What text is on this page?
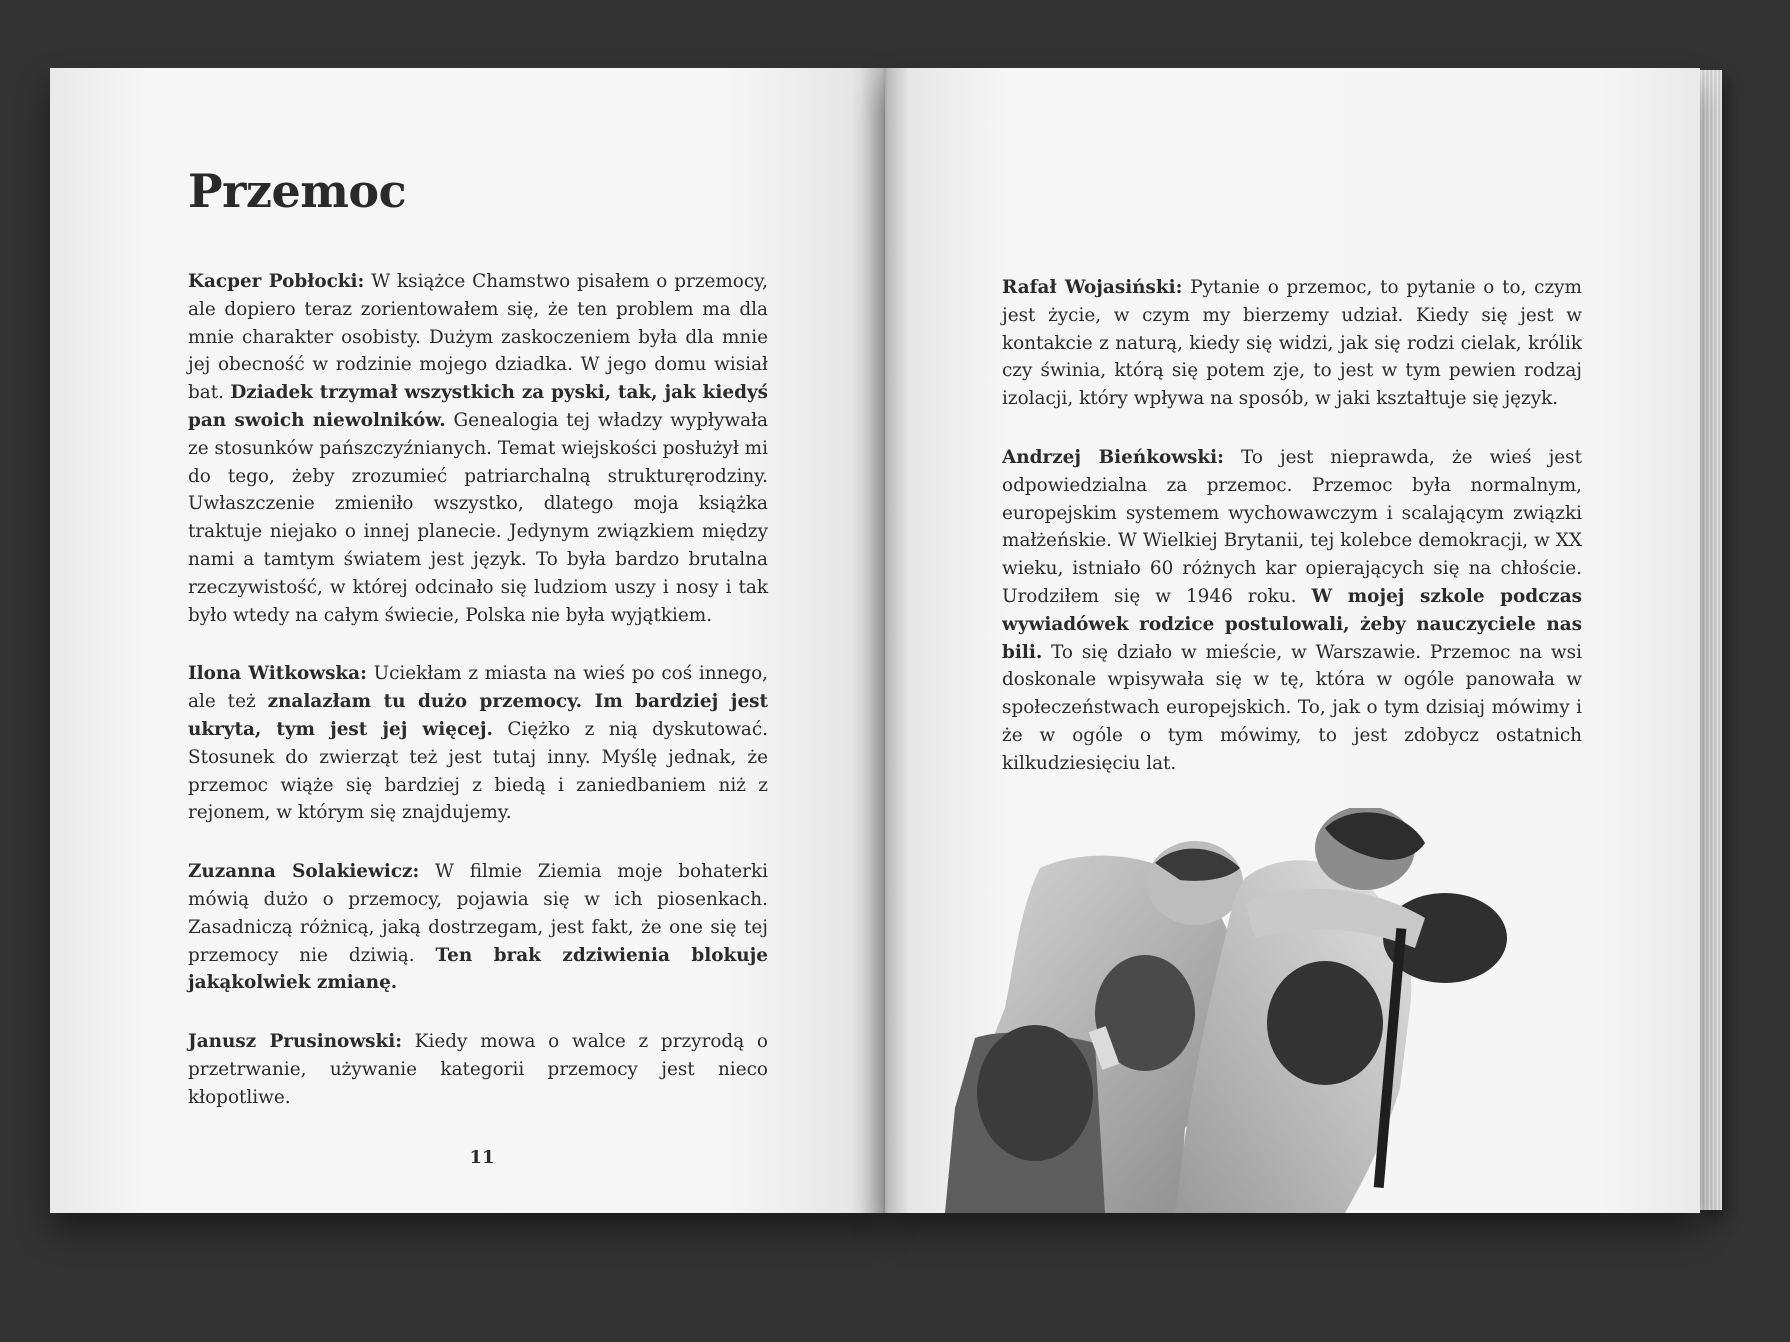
Przemoc

Kacper Pobłocki: W książce Chamstwo pisałem o przemocy, ale dopiero teraz zorientowałem się, że ten problem ma dla mnie charakter osobisty. Dużym zaskoczeniem była dla mnie jej obecność w rodzinie mojego dziadka. W jego domu wisiał bat. Dziadek trzymał wszystkich za pyski, tak, jak kiedyś pan swoich niewolników. Genealogia tej władzy wypływała ze stosunków pańszczyźnianych. Temat wiejskości posłużył mi do tego, żeby zrozumieć patriarchalną strukturęrodziny. Uwłaszczenie zmieniło wszystko, dlatego moja książka traktuje niejako o innej planecie. Jedynym związkiem między nami a tamtym światem jest język. To była bardzo brutalna rzeczywistość, w której odcinało się ludziom uszy i nosy i tak było wtedy na całym świecie, Polska nie była wyjątkiem.

Ilona Witkowska: Uciekłam z miasta na wieś po coś innego, ale też znalazłam tu dużo przemocy. Im bardziej jest ukryta, tym jest jej więcej. Ciężko z nią dyskutować. Stosunek do zwierząt też jest tutaj inny. Myślę jednak, że przemoc wiąże się bardziej z biedą i zaniedbaniem niż z rejonem, w którym się znajdujemy.

Zuzanna Solakiewicz: W filmie Ziemia moje bohaterki mówią dużo o przemocy, pojawia się w ich piosenkach. Zasadniczą różnicą, jaką dostrzegam, jest fakt, że one się tej przemocy nie dziwią. Ten brak zdziwienia blokuje jakąkolwiek zmianę.

Janusz Prusinowski: Kiedy mowa o walce z przyrodą o przetrwanie, używanie kategorii przemocy jest nieco kłopotliwe.

11

Rafał Wojasiński: Pytanie o przemoc, to pytanie o to, czym jest życie, w czym my bierzemy udział. Kiedy się jest w kontakcie z naturą, kiedy się widzi, jak się rodzi cielak, królik czy świnia, którą się potem zje, to jest w tym pewien rodzaj izolacji, który wpływa na sposób, w jaki kształtuje się język.

Andrzej Bieńkowski: To jest nieprawda, że wieś jest odpowiedzialna za przemoc. Przemoc była normalnym, europejskim systemem wychowawczym i scalającym związki małżeńskie. W Wielkiej Brytanii, tej kolebce demokracji, w XX wieku, istniało 60 różnych kar opierających się na chłoście. Urodziłem się w 1946 roku. W mojej szkole podczas wywiadówek rodzice postulowali, żeby nauczyciele nas bili. To się działo w mieście, w Warszawie. Przemoc na wsi doskonale wpisywała się w tę, która w ogóle panowała w społeczeństwach europejskich. To, jak o tym dzisiaj mówimy i że w ogóle o tym mówimy, to jest zdobycz ostatnich kilkudziesięciu lat.
